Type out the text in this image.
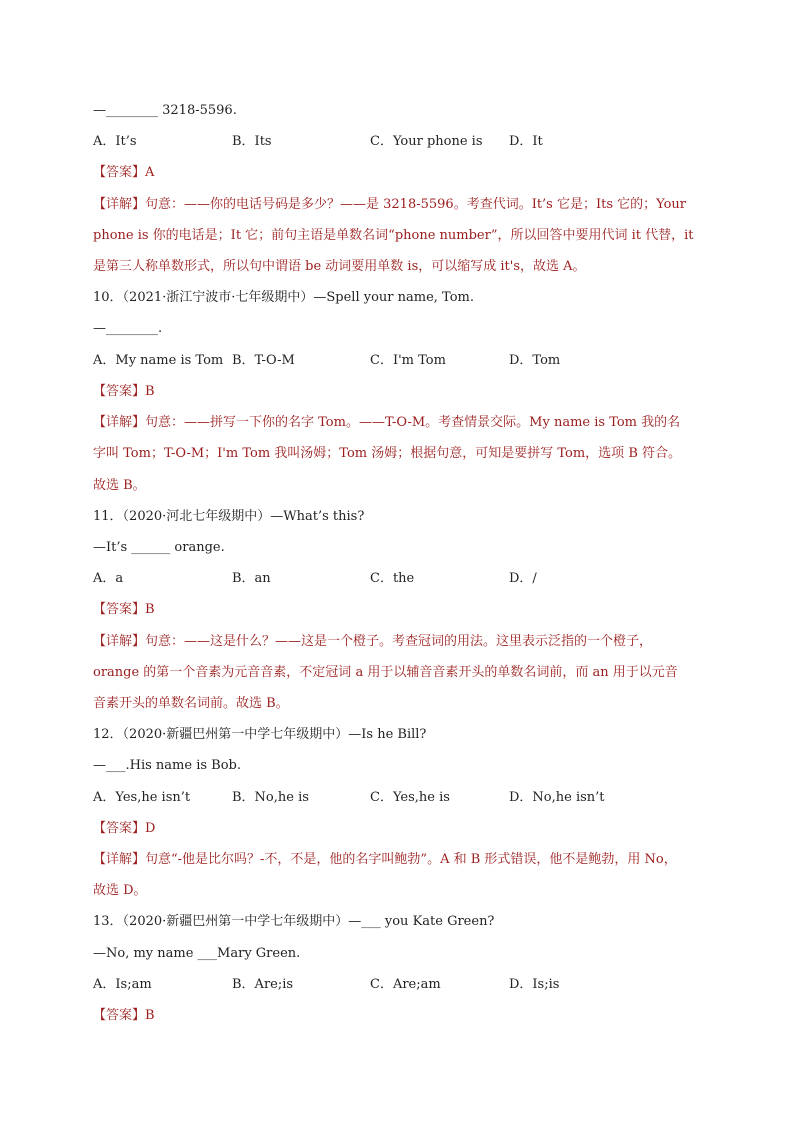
—________ 3218-5596.
A．It’s	B．Its	C．Your phone is D．It
【答案】A
【详解】句意：——你的电话号码是多少？——是 3218-5596。考查代词。It’s 它是；Its 它的；Your
phone is 你的电话是；It 它；前句主语是单数名词“phone number”，所以回答中要用代词 it 代替，it
是第三人称单数形式，所以句中谓语 be 动词要用单数 is，可以缩写成 it's，故选 A。
10．（2021·浙江宁波市·七年级期中）—Spell your name, Tom.
—________.
A．My name is Tom B．T-O-M	C．I'm Tom	D．Tom
【答案】B
【详解】句意：——拼写一下你的名字 Tom。——T-O-M。考查情景交际。My name is Tom 我的名
字叫 Tom；T-O-M；I'm Tom 我叫汤姆；Tom 汤姆；根据句意，可知是要拼写 Tom，选项 B 符合。
故选 B。
11．（2020·河北七年级期中）—What’s this?
—It’s ______ orange.
A．a	B．an	C．the	D．/
【答案】B
【详解】句意：——这是什么？——这是一个橙子。考查冠词的用法。这里表示泛指的一个橙子，
orange 的第一个音素为元音音素，不定冠词 a 用于以辅音音素开头的单数名词前，而 an 用于以元音
音素开头的单数名词前。故选 B。
12．（2020·新疆巴州第一中学七年级期中）—Is he Bill?
—___.His name is Bob.
A．Yes,he isn’t	B．No,he is	C．Yes,he is	D．No,he isn’t
【答案】D
【详解】句意“-他是比尔吗？-不，不是，他的名字叫鲍勃”。A 和 B 形式错误，他不是鲍勃，用 No，
故选 D。
13．（2020·新疆巴州第一中学七年级期中）—___ you Kate Green?
—No, my name ___Mary Green.
A．Is;am	B．Are;is	C．Are;am	D．Is;is
【答案】B
